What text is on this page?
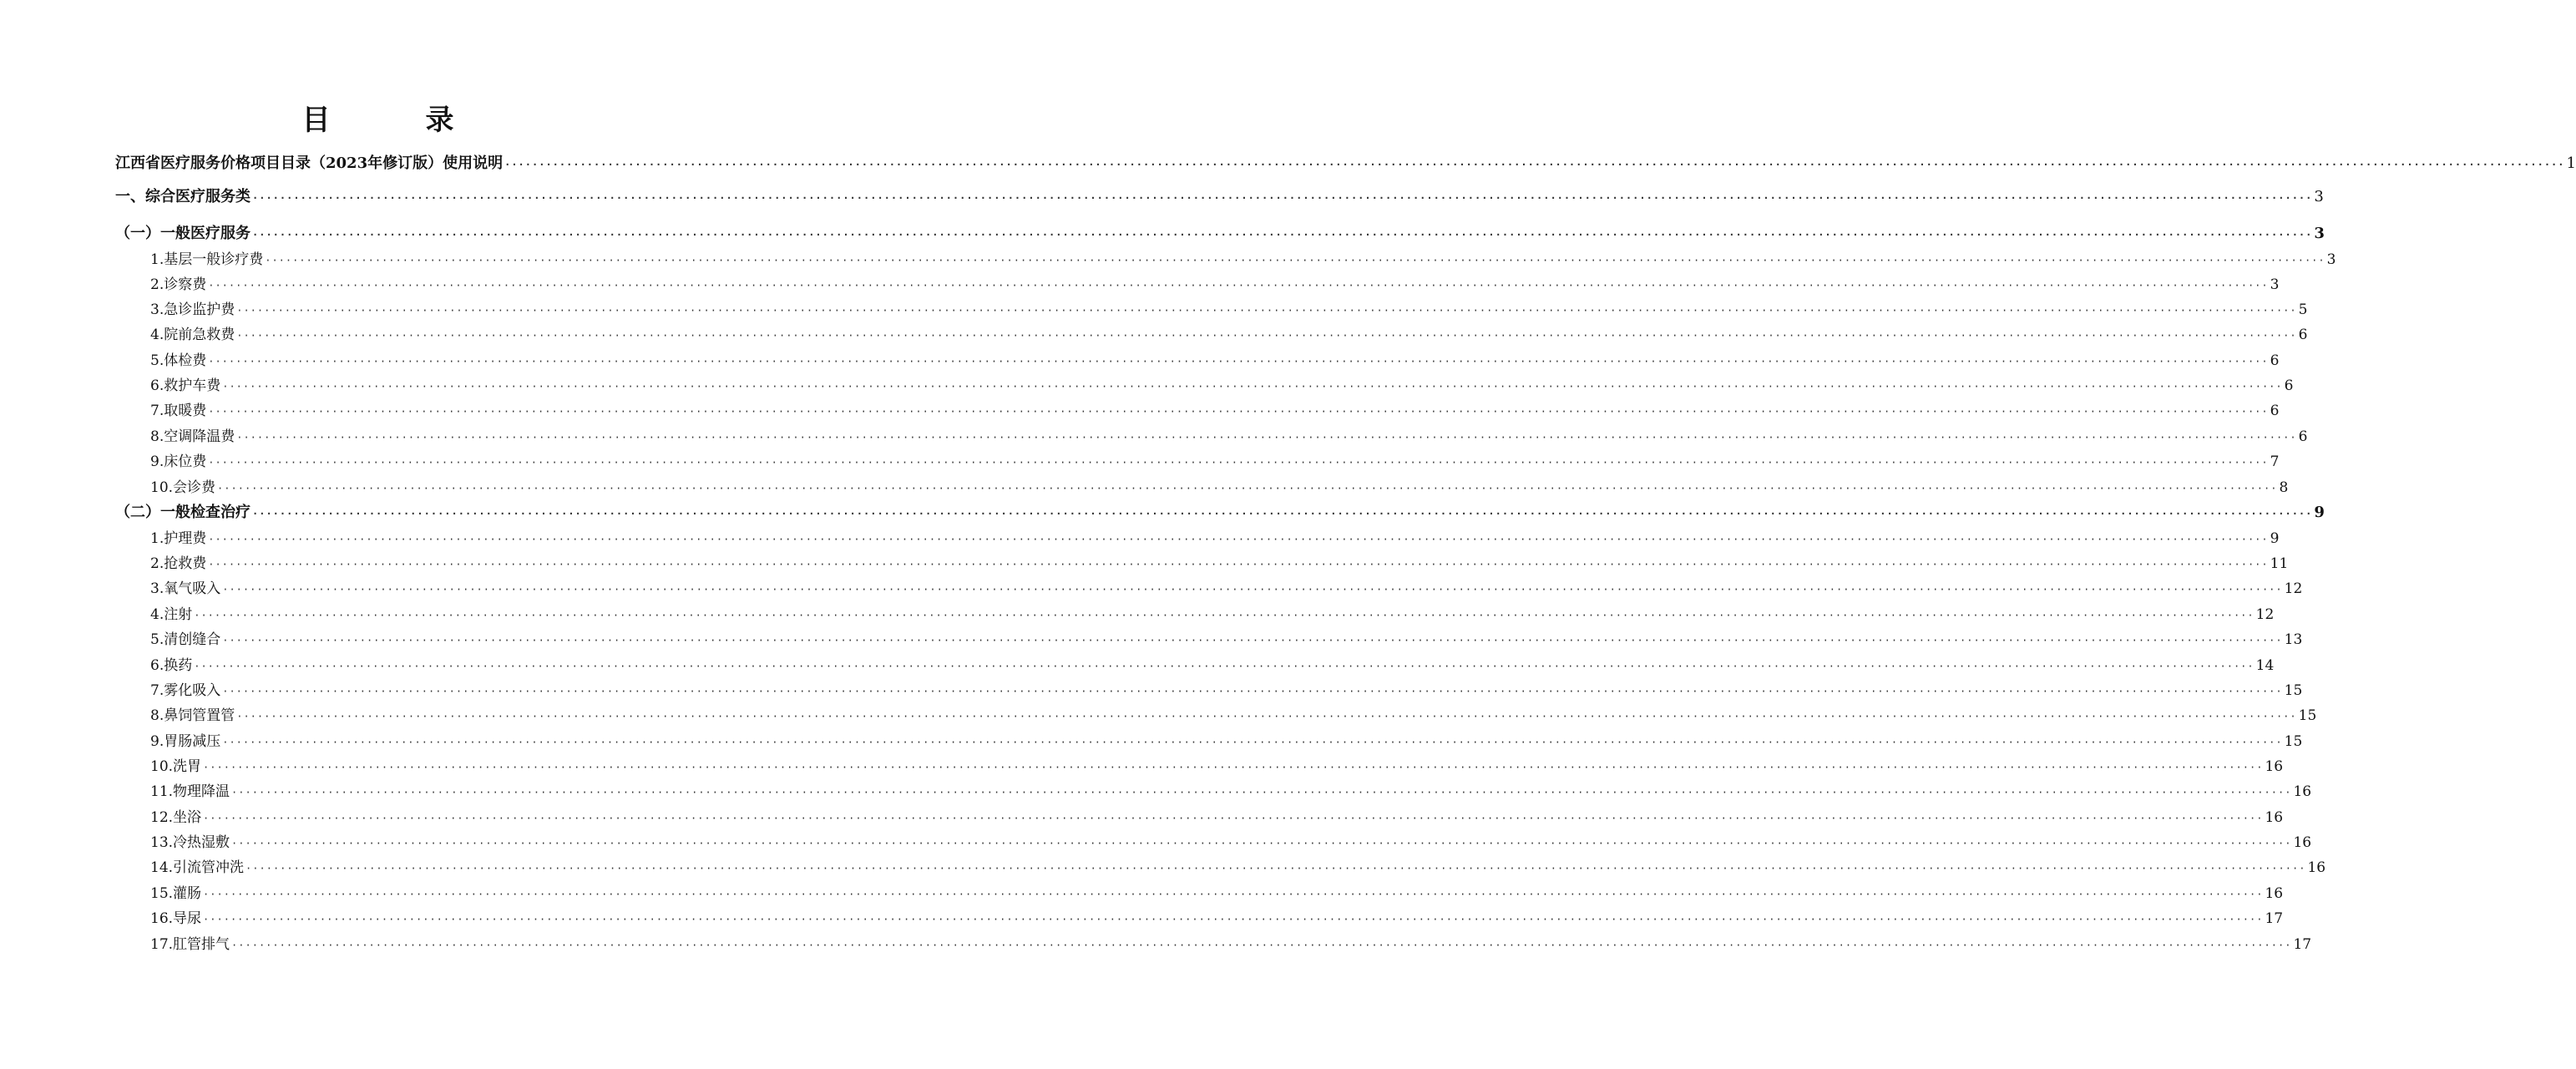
目　录
江西省医疗服务价格项目目录（2023年修订版）使用说明 ············································································································································································································································································································ 1
一、综合医疗服务类 ············································································································································································································································································································ 3
（一）一般医疗服务 ············································································································································································································································································································ 3
1.基层一般诊疗费 ············································································································································································································································································································ 3
2.诊察费 ············································································································································································································································································································ 3
3.急诊监护费 ············································································································································································································································································································ 5
4.院前急救费 ············································································································································································································································································································ 6
5.体检费 ············································································································································································································································································································ 6
6.救护车费 ············································································································································································································································································································ 6
7.取暖费 ············································································································································································································································································································ 6
8.空调降温费 ············································································································································································································································································································ 6
9.床位费 ············································································································································································································································································································ 7
10.会诊费 ············································································································································································································································································································ 8
（二）一般检查治疗 ············································································································································································································································································································ 9
1.护理费 ············································································································································································································································································································ 9
2.抢救费 ············································································································································································································································································································ 11
3.氧气吸入 ············································································································································································································································································································ 12
4.注射 ············································································································································································································································································································ 12
5.清创缝合 ············································································································································································································································································································ 13
6.换药 ············································································································································································································································································································ 14
7.雾化吸入 ············································································································································································································································································································ 15
8.鼻饲管置管 ············································································································································································································································································································ 15
9.胃肠减压 ············································································································································································································································································································ 15
10.洗胃 ············································································································································································································································································································ 16
11.物理降温 ············································································································································································································································································································ 16
12.坐浴 ············································································································································································································································································································ 16
13.冷热湿敷 ············································································································································································································································································································ 16
14.引流管冲洗 ············································································································································································································································································································ 16
15.灌肠 ············································································································································································································································································································ 16
16.导尿 ············································································································································································································································································································ 17
17.肛管排气 ············································································································································································································································································································ 17
